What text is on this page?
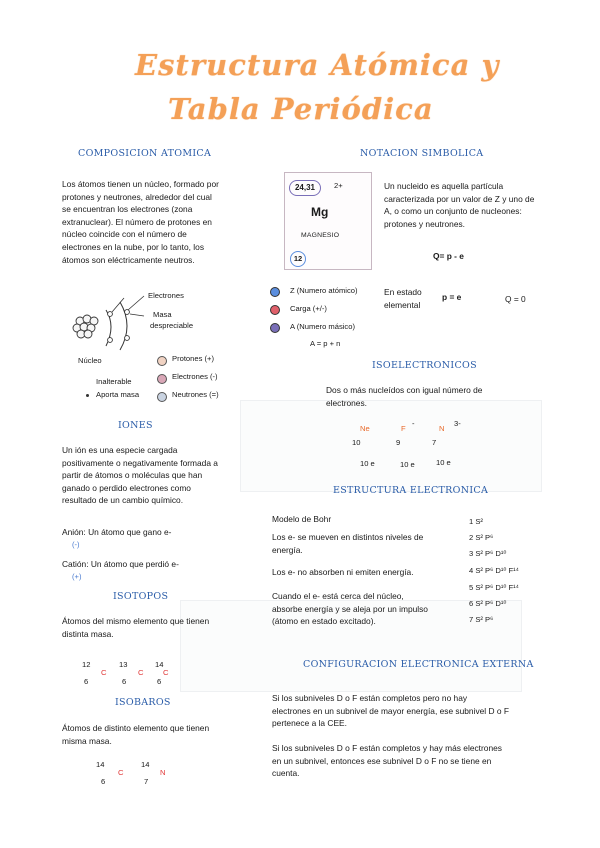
Estructura Atómica y
Tabla Periódica
COMPOSICION ATOMICA
Los átomos tienen un núcleo, formado por
protones y neutrones, alrededor del cual
se encuentran los electrones (zona
extranuclear). El número de protones en
núcleo coincide con el número de
electrones en la nube, por lo tanto, los
átomos son eléctricamente neutros.
Electrones
Masa
despreciable
Núcleo
Inalterable
Aporta masa
Protones (+)
Electrones (-)
Neutrones (=)
NOTACION SIMBOLICA
24,31	2+
Mg
MAGNESIO
12
Un nucleido es aquella partícula
caracterizada por un valor de Z y uno de
A, o como un conjunto de nucleones:
protones y neutrones.
Q= p - e
Z (Numero atómico)
Carga (+/-)
A (Numero másico)
A = p + n
En estado
elemental
p = e	Q = 0
ISOELECTRONICOS
Dos o más nucleídos con igual número de
electrones.
Ne
10
10 e
F
-
9
10 e
N
3-
7
10 e
IONES
Un ión es una especie cargada
positivamente o negativamente formada a
partir de átomos o moléculas que han
ganado o perdido electrones como
resultado de un cambio químico.
Anión: Un átomo que gano e-
(-)
Catión: Un átomo que perdió e-
(+)
ESTRUCTURA ELECTRONICA
Modelo de Bohr
Los e- se mueven en distintos niveles de
energía.
Los e- no absorben ni emiten energía.
Cuando el e- está cerca del núcleo,
absorbe energía y se aleja por un impulso
(átomo en estado excitado).
1 S²
2 S² P⁶
3 S² P⁶ D¹⁰
4 S² P⁶ D¹⁰ F¹⁴
5 S² P⁶ D¹⁰ F¹⁴
6 S² P⁶ D¹⁰
7 S² P⁶
ISOTOPOS
Átomos del mismo elemento que tienen
distinta masa.
12
6
C
13
6
C
14
6
C
ISOBAROS
Átomos de distinto elemento que tienen
misma masa.
14
6
C
14
7
N
CONFIGURACION ELECTRONICA EXTERNA
Si los subniveles D o F están completos pero no hay
electrones en un subnivel de mayor energía, ese subnivel D o F
pertenece a la CEE.
Si los subniveles D o F están completos y hay más electrones
en un subnivel, entonces ese subnivel D o F no se tiene en
cuenta.
